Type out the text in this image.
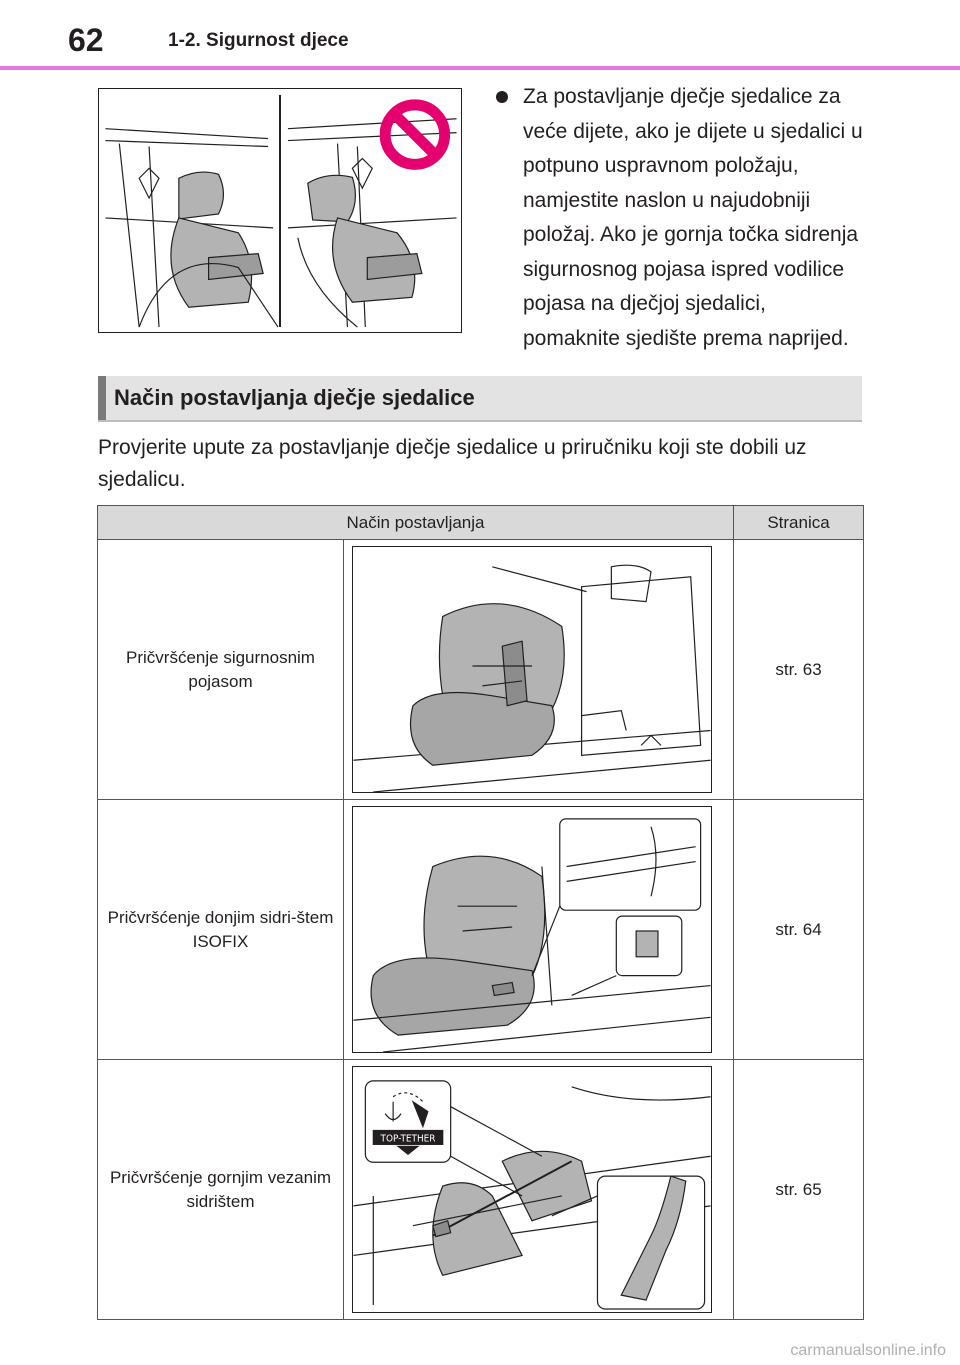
62	1-2. Sigurnost djece
Za postavljanje dječje sjedalice za veće dijete, ako je dijete u sjedalici u potpuno uspravnom položaju, namjestite naslon u najudobniji položaj. Ako je gornja točka sidrenja sigurnosnog pojasa ispred vodilice pojasa na dječjoj sjedalici, pomaknite sjedište prema naprijed.
Način postavljanja dječje sjedalice
Provjerite upute za postavljanje dječje sjedalice u priručniku koji ste dobili uz sjedalicu.
Način postavljanja		Stranica
Pričvršćenje sigurnosnim pojasom		str. 63
Pričvršćenje donjim sidri-štem ISOFIX		str. 64
Pričvršćenje gornjim vezanim sidrištem	TOP-TETHER	str. 65
carmanualsonline.info
